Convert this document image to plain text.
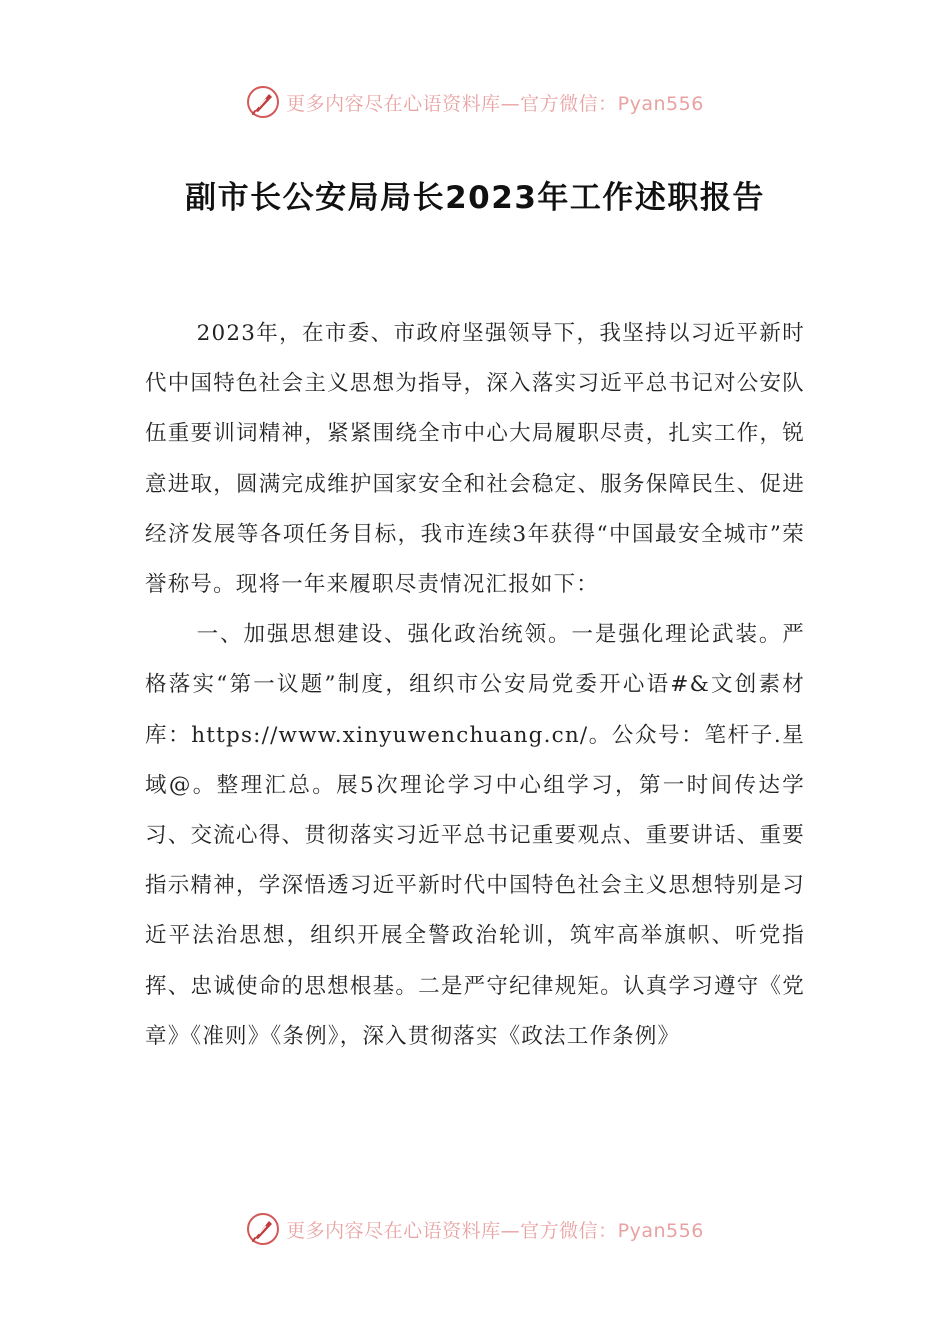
更多内容尽在心语资料库—官方微信：Pyan556
副市长公安局局长2023年工作述职报告

2023年，在市委、市政府坚强领导下，我坚持以习近平新时代中国特色社会主义思想为指导，深入落实习近平总书记对公安队伍重要训词精神，紧紧围绕全市中心大局履职尽责，扎实工作，锐意进取，圆满完成维护国家安全和社会稳定、服务保障民生、促进经济发展等各项任务目标，我市连续3年获得“中国最安全城市”荣誉称号。现将一年来履职尽责情况汇报如下：

一、加强思想建设、强化政治统领。一是强化理论武装。严格落实“第一议题”制度，组织市公安局党委开心语#&文创素材库：https://www.xinyuwenchuang.cn/。公众号：笔杆子.星域@。整理汇总。展5次理论学习中心组学习，第一时间传达学习、交流心得、贯彻落实习近平总书记重要观点、重要讲话、重要指示精神，学深悟透习近平新时代中国特色社会主义思想特别是习近平法治思想，组织开展全警政治轮训，筑牢高举旗帜、听党指挥、忠诚使命的思想根基。二是严守纪律规矩。认真学习遵守《党章》《准则》《条例》，深入贯彻落实《政法工作条例》

更多内容尽在心语资料库—官方微信：Pyan556
